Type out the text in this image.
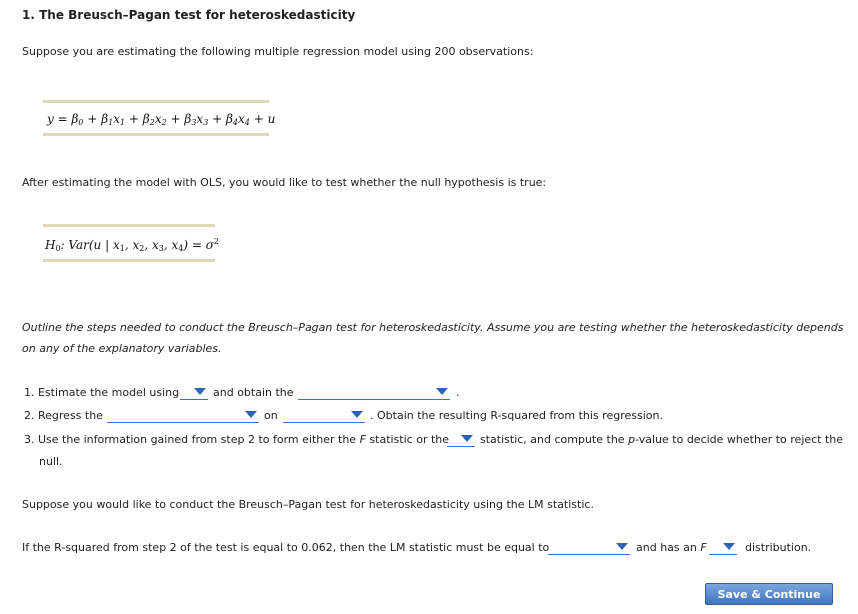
1. The Breusch–Pagan test for heteroskedasticity
Suppose you are estimating the following multiple regression model using 200 observations:
$y = \beta_0 + \beta_1x_1 + \beta_2x_2 + \beta_3x_3 + \beta_4x_4 + u$
After estimating the model with OLS, you would like to test whether the null hypothesis is true:
$H_0$: Var(u | $x_1$, $x_2$, $x_3$, $x_4) = \sigma^2$
Outline the steps needed to conduct the Breusch–Pagan test for heteroskedasticity. Assume you are testing whether the heteroskedasticity depends
on any of the explanatory variables.
1. Estimate the model using	and obtain the	.
2. Regress the	on	. Obtain the resulting R-squared from this regression.
3. Use the information gained from step 2 to form either the F statistic or the	statistic, and compute the p-value to decide whether to reject the
null.
Suppose you would like to conduct the Breusch–Pagan test for heteroskedasticity using the LM statistic.
If the R-squared from step 2 of the test is equal to 0.062, then the LM statistic must be equal to	and has an F	distribution.
Save & Continue
